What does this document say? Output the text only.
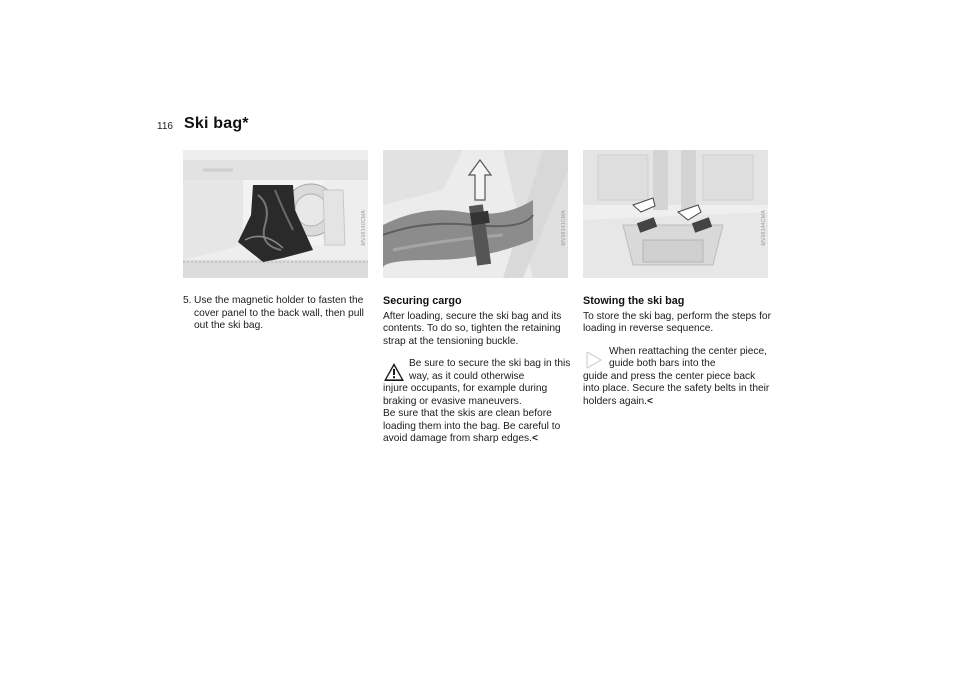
116 Ski bag*
MV06140CMA	MV06141CMA	MV06144CMA
5. Use the magnetic holder to fasten the cover panel to the back wall, then pull out the ski bag.
Securing cargo
After loading, secure the ski bag and its contents. To do so, tighten the retaining strap at the tensioning buckle.
Be sure to secure the ski bag in this way, as it could otherwise
injure occupants, for example during braking or evasive maneuvers.
Be sure that the skis are clean before loading them into the bag. Be careful to avoid damage from sharp edges.<
Stowing the ski bag
To store the ski bag, perform the steps for loading in reverse sequence.
When reattaching the center piece, guide both bars into the
guide and press the center piece back into place. Secure the safety belts in their holders again.<
